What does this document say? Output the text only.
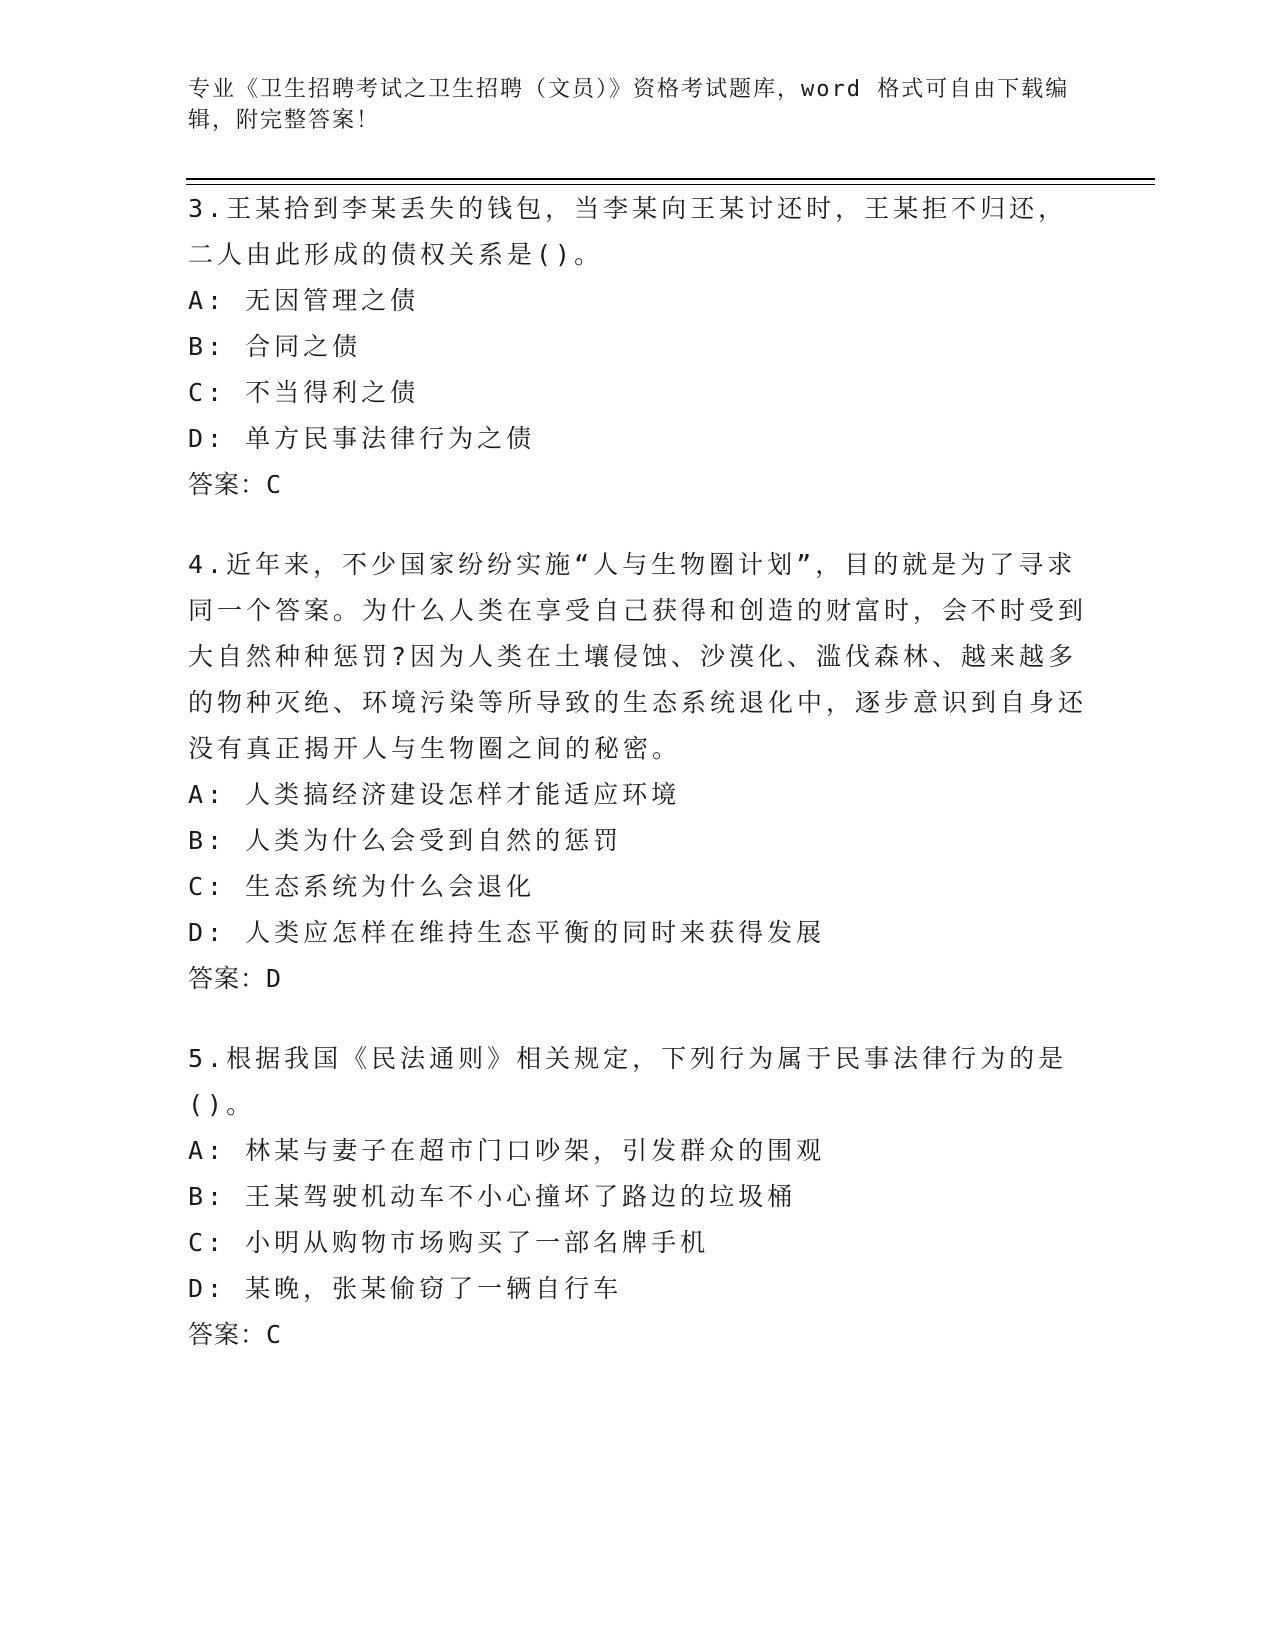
专业《卫生招聘考试之卫生招聘（文员）》资格考试题库，word 格式可自由下载编辑，附完整答案！

3.王某拾到李某丢失的钱包，当李某向王某讨还时，王某拒不归还，二人由此形成的债权关系是()。

A: 无因管理之债

B: 合同之债

C: 不当得利之债

D: 单方民事法律行为之债

答案：C

4.近年来，不少国家纷纷实施“人与生物圈计划”，目的就是为了寻求同一个答案。为什么人类在享受自己获得和创造的财富时，会不时受到大自然种种惩罚?因为人类在土壤侵蚀、沙漠化、滥伐森林、越来越多的物种灭绝、环境污染等所导致的生态系统退化中，逐步意识到自身还没有真正揭开人与生物圈之间的秘密。

A: 人类搞经济建设怎样才能适应环境

B: 人类为什么会受到自然的惩罚

C: 生态系统为什么会退化

D: 人类应怎样在维持生态平衡的同时来获得发展

答案：D

5.根据我国《民法通则》相关规定，下列行为属于民事法律行为的是()。

A: 林某与妻子在超市门口吵架，引发群众的围观

B: 王某驾驶机动车不小心撞坏了路边的垃圾桶

C: 小明从购物市场购买了一部名牌手机

D: 某晚，张某偷窃了一辆自行车

答案：C
